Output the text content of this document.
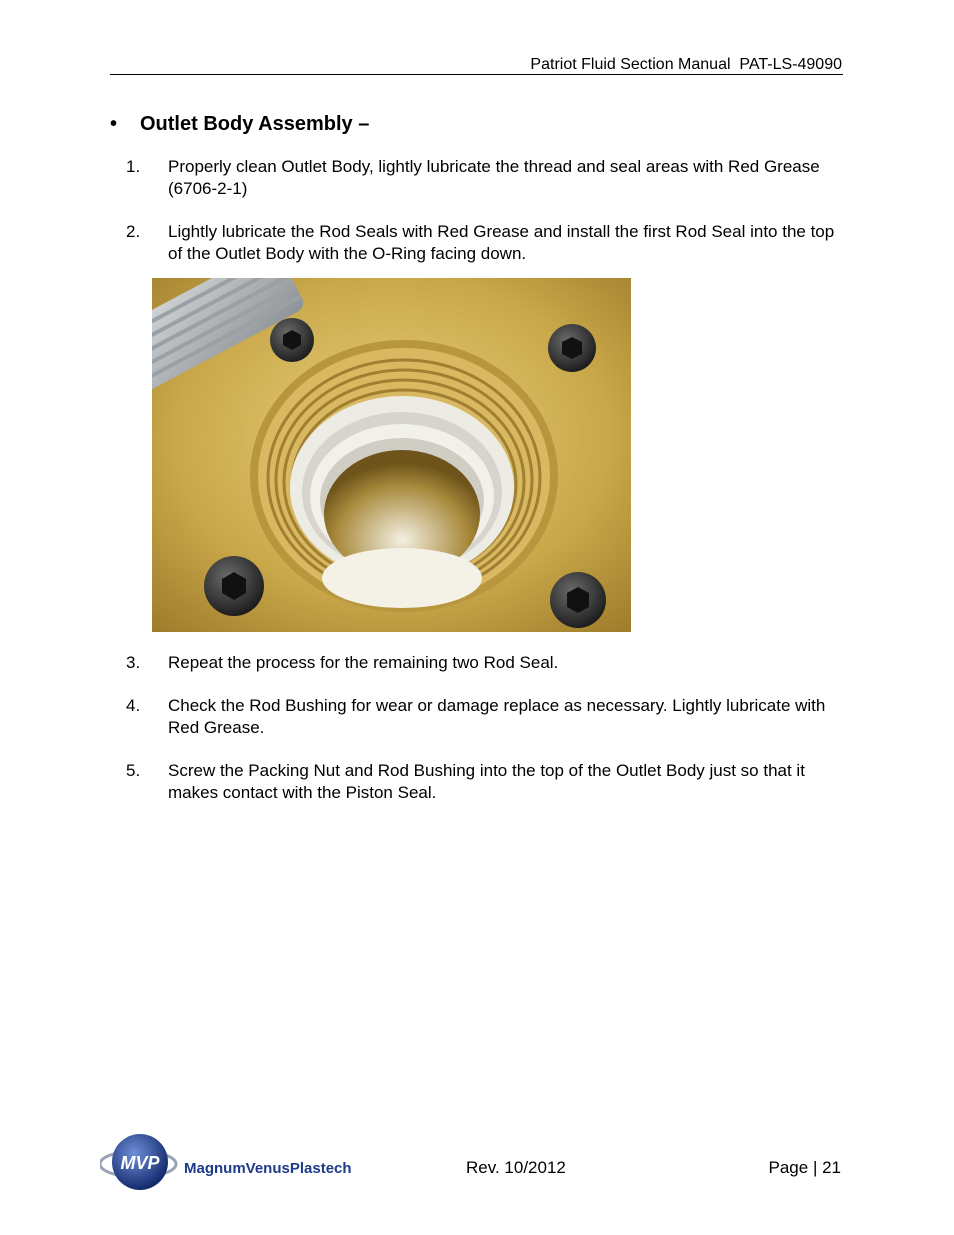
Patriot Fluid Section Manual  PAT-LS-49090
• Outlet Body Assembly –
1. Properly clean Outlet Body, lightly lubricate the thread and seal areas with Red Grease (6706-2-1)
2. Lightly lubricate the Rod Seals with Red Grease and install the first Rod Seal into the top of the Outlet Body with the O-Ring facing down.
3. Repeat the process for the remaining two Rod Seal.
4. Check the Rod Bushing for wear or damage replace as necessary. Lightly lubricate with Red Grease.
5. Screw the Packing Nut and Rod Bushing into the top of the Outlet Body just so that it makes contact with the Piston Seal.
MVP MagnumVenusPlastech	Rev. 10/2012	Page | 21
